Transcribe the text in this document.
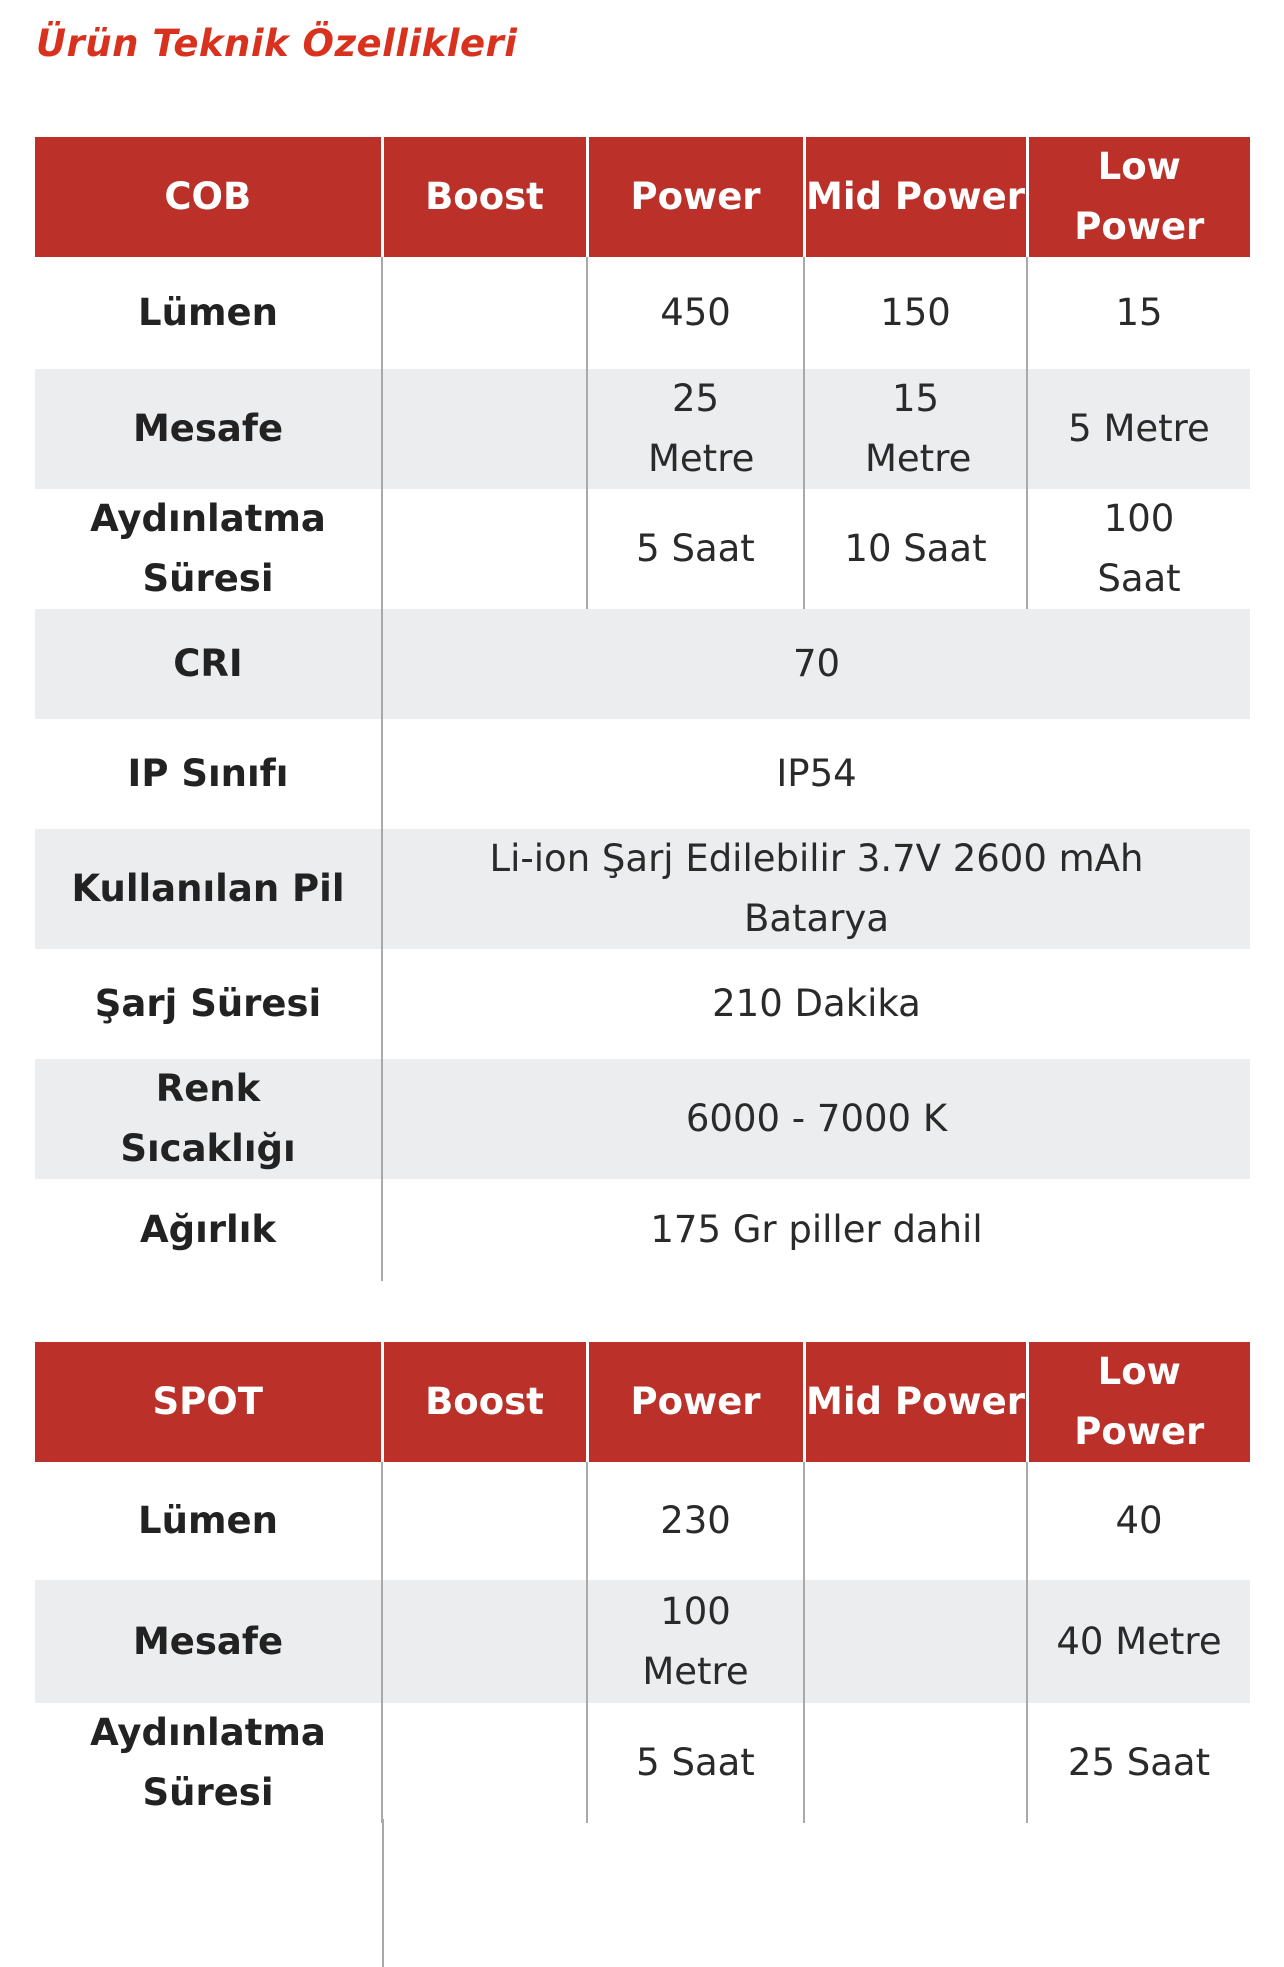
Ürün Teknik Özellikleri
COB	Boost	Power	Mid Power	Low Power
Lümen		450	150	15
Mesafe		25 Metre	15 Metre	5 Metre
Aydınlatma Süresi		5 Saat	10 Saat	100 Saat
CRI	70			
IP Sınıfı	IP54			
Kullanılan Pil	Li-ion Şarj Edilebilir 3.7V 2600 mAh Batarya			
Şarj Süresi	210 Dakika			
Renk Sıcaklığı	6000 - 7000 K			
Ağırlık	175 Gr piller dahil			
SPOT	Boost	Power	Mid Power	Low Power
Lümen		230		40
Mesafe		100 Metre		40 Metre
Aydınlatma Süresi		5 Saat		25 Saat
